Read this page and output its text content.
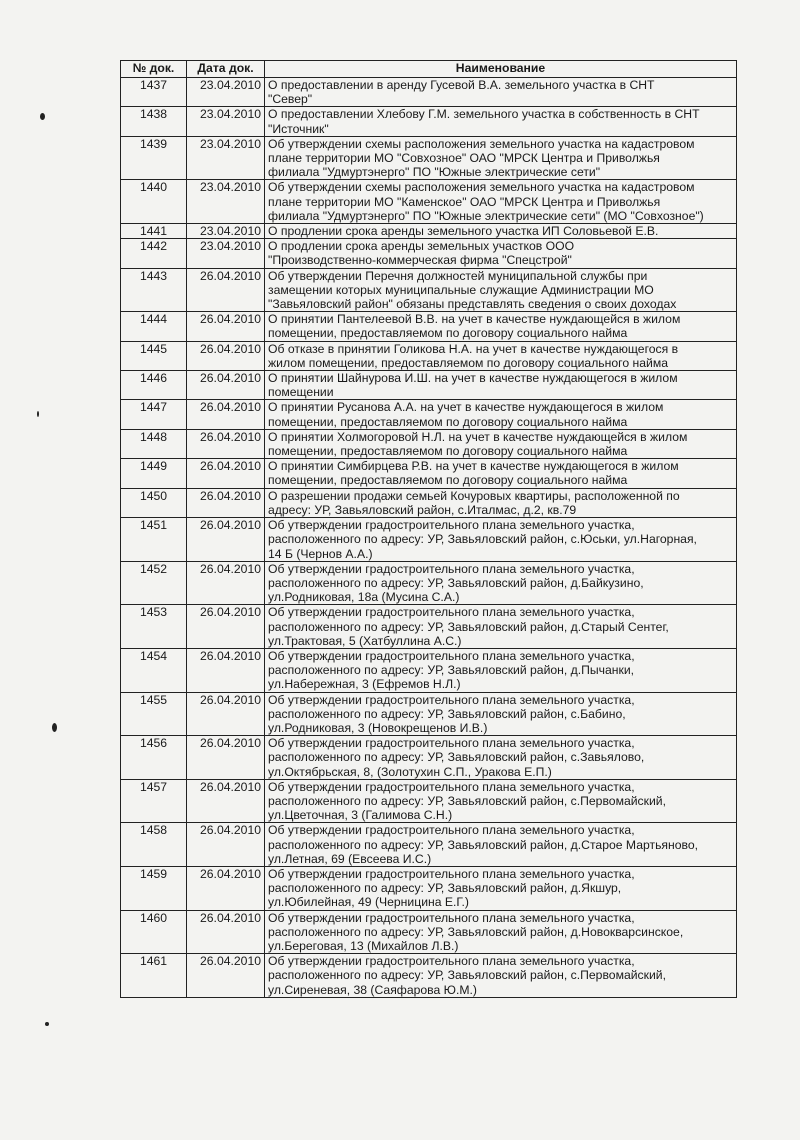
№ док.	Дата док.	Наименование
1437	23.04.2010	О предоставлении в аренду Гусевой В.А. земельного участка в СНТ
"Север"
1438	23.04.2010	О предоставлении Хлебову Г.М. земельного участка в собственность в СНТ
"Источник"
1439	23.04.2010	Об утверждении схемы расположения земельного участка на кадастровом
плане территории МО "Совхозное" ОАО "МРСК Центра и Приволжья
филиала "Удмуртэнерго" ПО "Южные электрические сети"
1440	23.04.2010	Об утверждении схемы расположения земельного участка на кадастровом
плане территории МО "Каменское" ОАО "МРСК Центра и Приволжья
филиала "Удмуртэнерго" ПО "Южные электрические сети" (МО "Совхозное")
1441	23.04.2010	О продлении срока аренды земельного участка ИП Соловьевой Е.В.
1442	23.04.2010	О продлении срока аренды земельных участков ООО
"Производственно-коммерческая фирма "Спецстрой"
1443	26.04.2010	Об утверждении Перечня должностей муниципальной службы при
замещении которых муниципальные служащие Администрации МО
"Завьяловский район" обязаны представлять сведения о своих доходах
1444	26.04.2010	О принятии Пантелеевой В.В. на учет в качестве нуждающейся в жилом
помещении, предоставляемом по договору социального найма
1445	26.04.2010	Об отказе в принятии Голикова Н.А. на учет в качестве нуждающегося в
жилом помещении, предоставляемом по договору социального найма
1446	26.04.2010	О принятии Шайнурова И.Ш. на учет в качестве нуждающегося в жилом
помещении
1447	26.04.2010	О принятии Русанова А.А. на учет в качестве нуждающегося в жилом
помещении, предоставляемом по договору социального найма
1448	26.04.2010	О принятии Холмогоровой Н.Л. на учет в качестве нуждающейся в жилом
помещении, предоставляемом по договору социального найма
1449	26.04.2010	О принятии Симбирцева Р.В. на учет в качестве нуждающегося в жилом
помещении, предоставляемом по договору социального найма
1450	26.04.2010	О разрешении продажи семьей Кочуровых квартиры, расположенной по
адресу: УР, Завьяловский район, с.Италмас, д.2, кв.79
1451	26.04.2010	Об утверждении градостроительного плана земельного участка,
расположенного по адресу: УР, Завьяловский район, с.Юськи, ул.Нагорная,
14 Б (Чернов А.А.)
1452	26.04.2010	Об утверждении градостроительного плана земельного участка,
расположенного по адресу: УР, Завьяловский район, д.Байкузино,
ул.Родниковая, 18а (Мусина С.А.)
1453	26.04.2010	Об утверждении градостроительного плана земельного участка,
расположенного по адресу: УР, Завьяловский район, д.Старый Сентег,
ул.Трактовая, 5 (Хатбуллина А.С.)
1454	26.04.2010	Об утверждении градостроительного плана земельного участка,
расположенного по адресу: УР, Завьяловский район, д.Пычанки,
ул.Набережная, 3 (Ефремов Н.Л.)
1455	26.04.2010	Об утверждении градостроительного плана земельного участка,
расположенного по адресу: УР, Завьяловский район, с.Бабино,
ул.Родниковая, 3 (Новокрещенов И.В.)
1456	26.04.2010	Об утверждении градостроительного плана земельного участка,
расположенного по адресу: УР, Завьяловский район, с.Завьялово,
ул.Октябрьская, 8, (Золотухин С.П., Уракова Е.П.)
1457	26.04.2010	Об утверждении градостроительного плана земельного участка,
расположенного по адресу: УР, Завьяловский район, с.Первомайский,
ул.Цветочная, 3 (Галимова С.Н.)
1458	26.04.2010	Об утверждении градостроительного плана земельного участка,
расположенного по адресу: УР, Завьяловский район, д.Старое Мартьяново,
ул.Летная, 69 (Евсеева И.С.)
1459	26.04.2010	Об утверждении градостроительного плана земельного участка,
расположенного по адресу: УР, Завьяловский район, д.Якшур,
ул.Юбилейная, 49 (Черницина Е.Г.)
1460	26.04.2010	Об утверждении градостроительного плана земельного участка,
расположенного по адресу: УР, Завьяловский район, д.Новокварсинское,
ул.Береговая, 13 (Михайлов Л.В.)
1461	26.04.2010	Об утверждении градостроительного плана земельного участка,
расположенного по адресу: УР, Завьяловский район, с.Первомайский,
ул.Сиреневая, 38 (Саяфарова Ю.М.)
